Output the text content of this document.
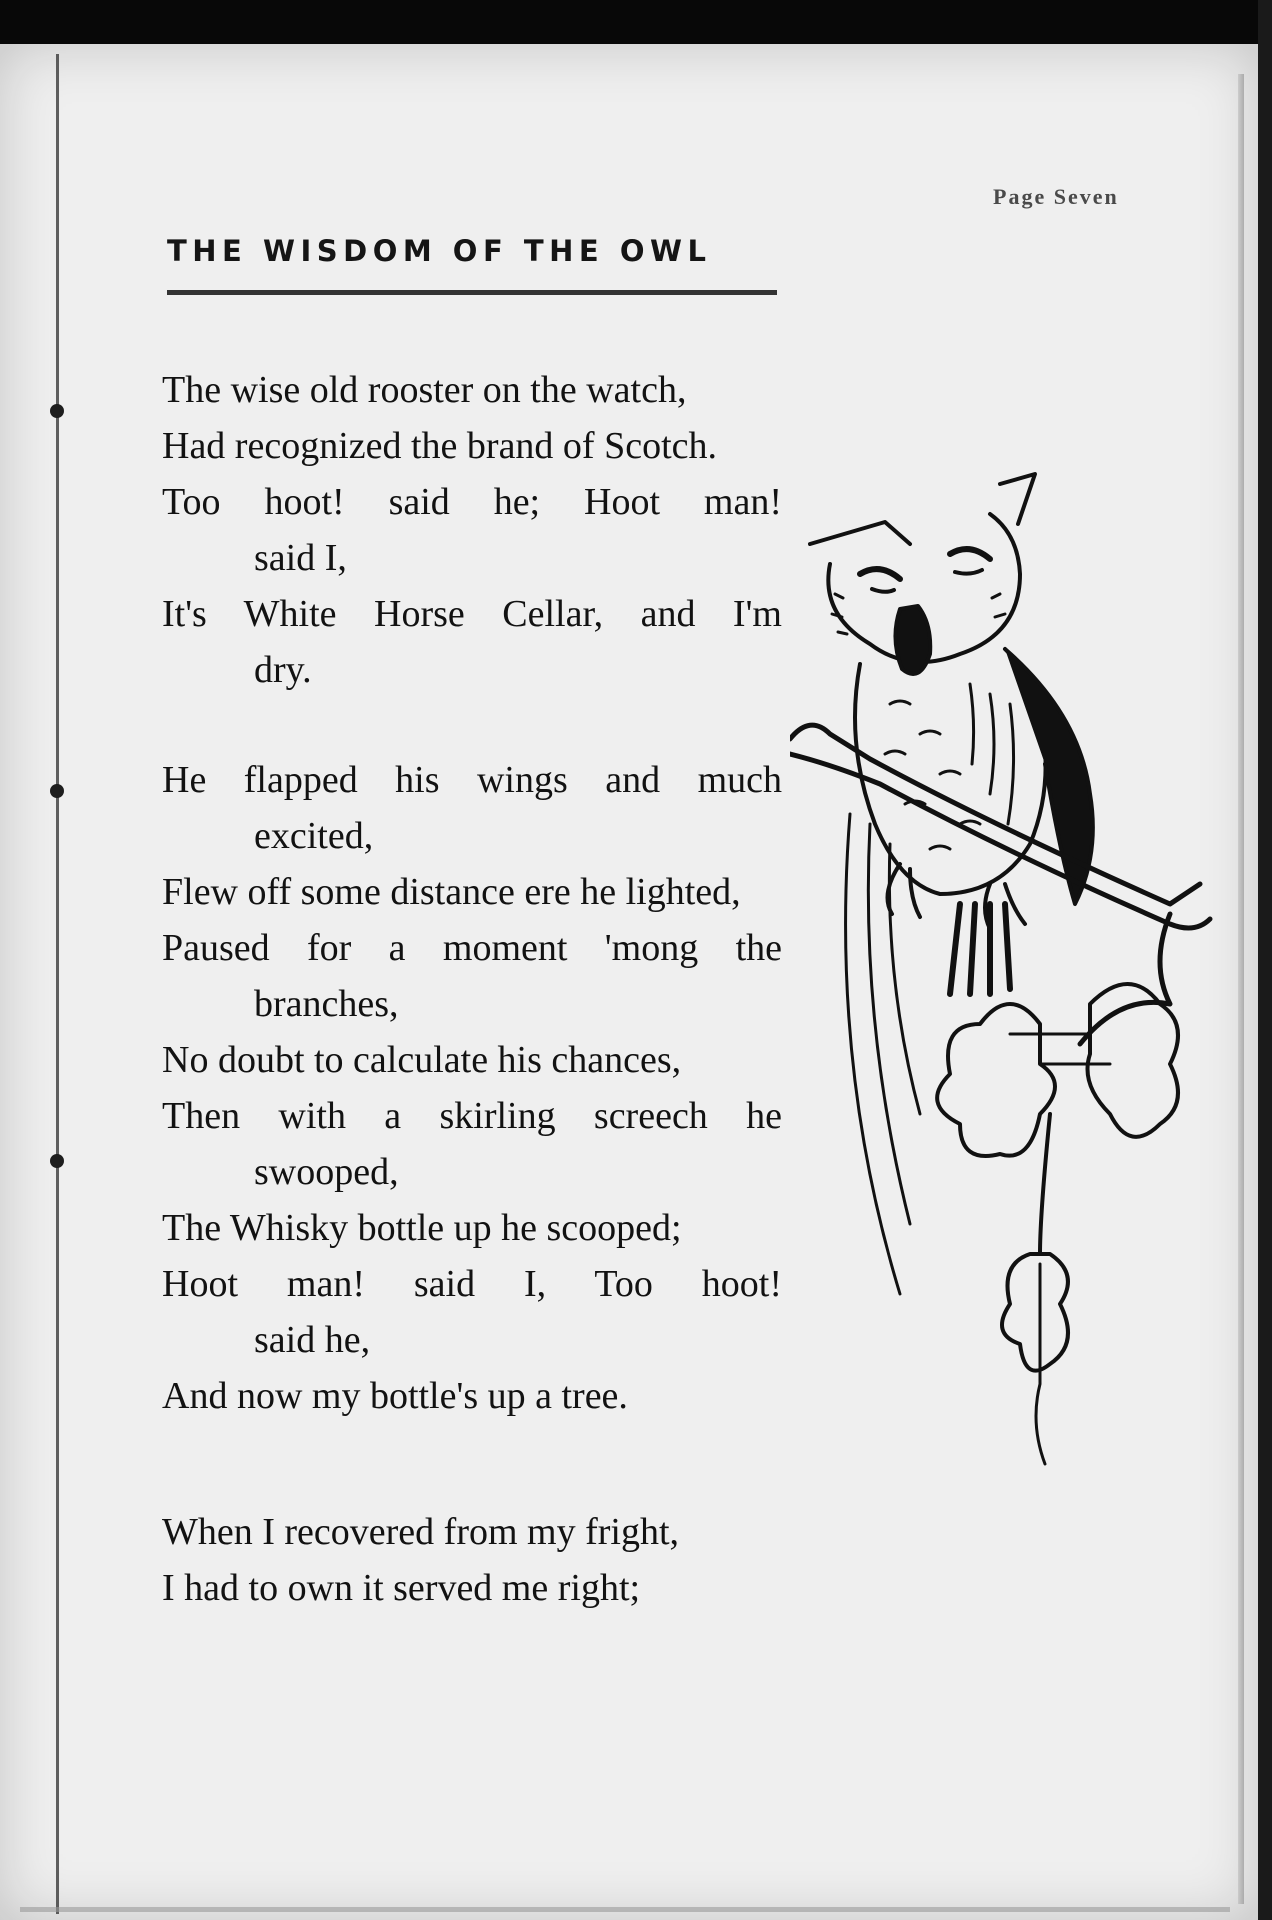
Page Seven
THE WISDOM OF THE OWL
The wise old rooster on the watch,
Had recognized the brand of Scotch.
Too hoot! said he; Hoot man!
said I,
It's White Horse Cellar, and I'm
dry.
He flapped his wings and much
excited,
Flew off some distance ere he lighted,
Paused for a moment 'mong the
branches,
No doubt to calculate his chances,
Then with a skirling screech he
swooped,
The Whisky bottle up he scooped;
Hoot man! said I, Too hoot!
said he,
And now my bottle's up a tree.
When I recovered from my fright,
I had to own it served me right;
